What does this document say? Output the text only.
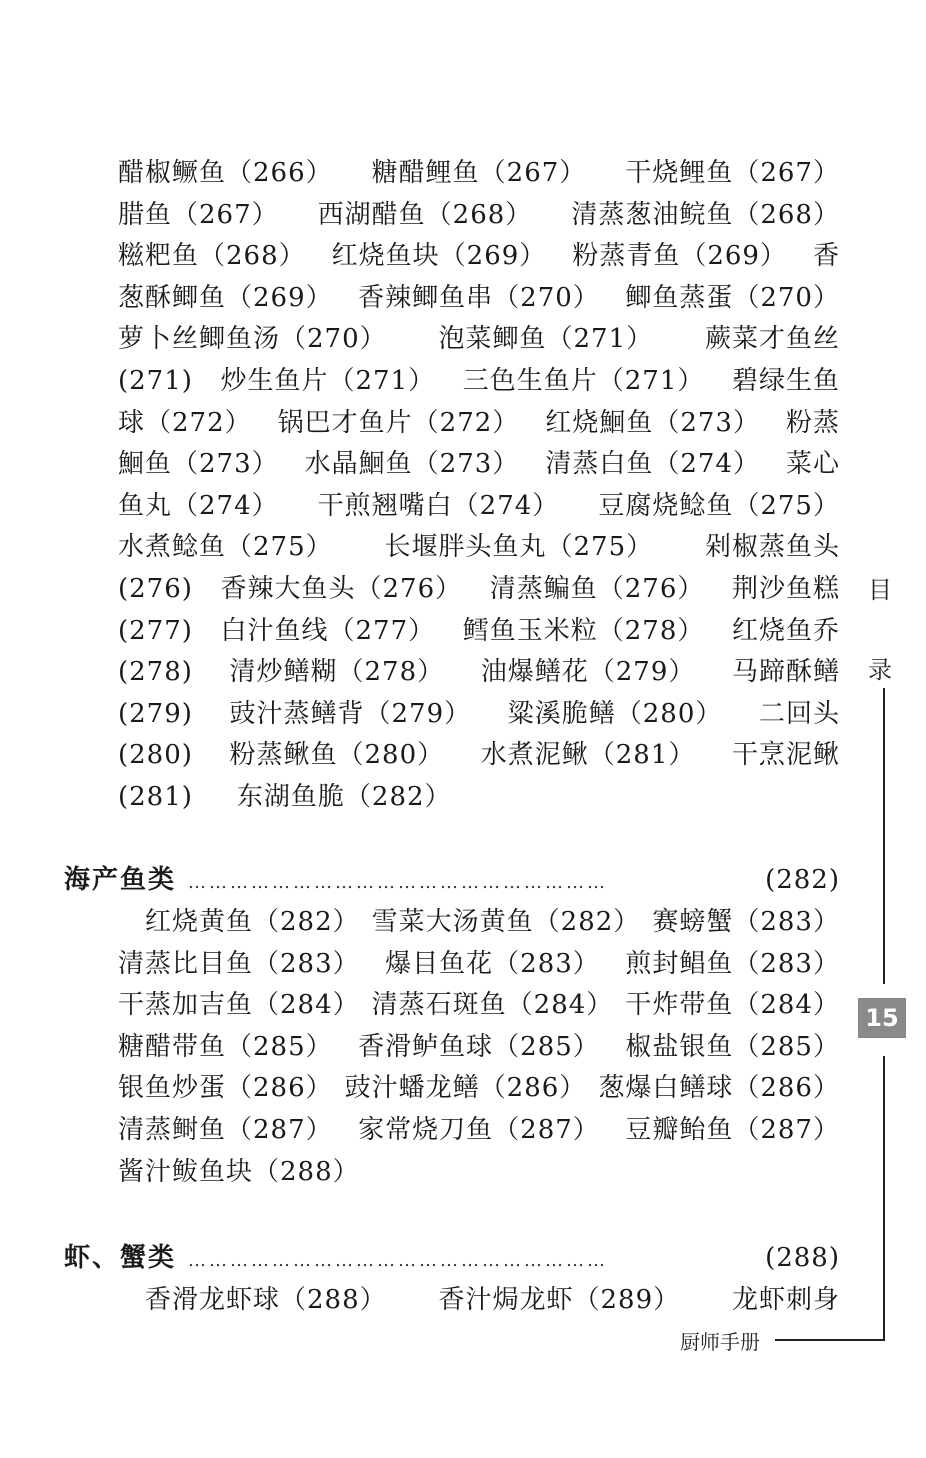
醋椒鳜鱼（266） 糖醋鲤鱼（267） 干烧鲤鱼（267）
腊鱼（267） 西湖醋鱼（268） 清蒸葱油鲩鱼（268）
糍粑鱼（268） 红烧鱼块（269） 粉蒸青鱼（269） 香
葱酥鲫鱼（269） 香辣鲫鱼串（270） 鲫鱼蒸蛋（270）
萝卜丝鲫鱼汤（270） 泡菜鲫鱼（271） 蕨菜才鱼丝
(271) 炒生鱼片（271） 三色生鱼片（271） 碧绿生鱼
球（272） 锅巴才鱼片（272） 红烧鮰鱼（273） 粉蒸
鮰鱼（273） 水晶鮰鱼（273） 清蒸白鱼（274） 菜心
鱼丸（274） 干煎翘嘴白（274） 豆腐烧鲶鱼（275）
水煮鲶鱼（275） 长堰胖头鱼丸（275） 剁椒蒸鱼头
(276) 香辣大鱼头（276） 清蒸鳊鱼（276） 荆沙鱼糕
(277) 白汁鱼线（277） 鳕鱼玉米粒（278） 红烧鱼乔
(278) 清炒鳝糊（278） 油爆鳝花（279） 马蹄酥鳝
(279) 豉汁蒸鳝背（279） 粱溪脆鳝（280） 二回头
(280) 粉蒸鳅鱼（280） 水煮泥鳅（281） 干烹泥鳅
(281) 东湖鱼脆（282）
红烧黄鱼（282） 雪菜大汤黄鱼（282） 赛螃蟹（283）
清蒸比目鱼（283） 爆目鱼花（283） 煎封鲳鱼（283）
干蒸加吉鱼（284） 清蒸石斑鱼（284） 干炸带鱼（284）
糖醋带鱼（285） 香滑鲈鱼球（285） 椒盐银鱼（285）
银鱼炒蛋（286） 豉汁蟠龙鳝（286） 葱爆白鳝球（286）
清蒸鲥鱼（287） 家常烧刀鱼（287） 豆瓣鲐鱼（287）
酱汁鲅鱼块（288）
香滑龙虾球（288） 香汁焗龙虾（289） 龙虾刺身
海产鱼类 ……………………………………………………	(282)
虾、蟹类 ……………………………………………………	(288)
目
录
15
厨师手册
